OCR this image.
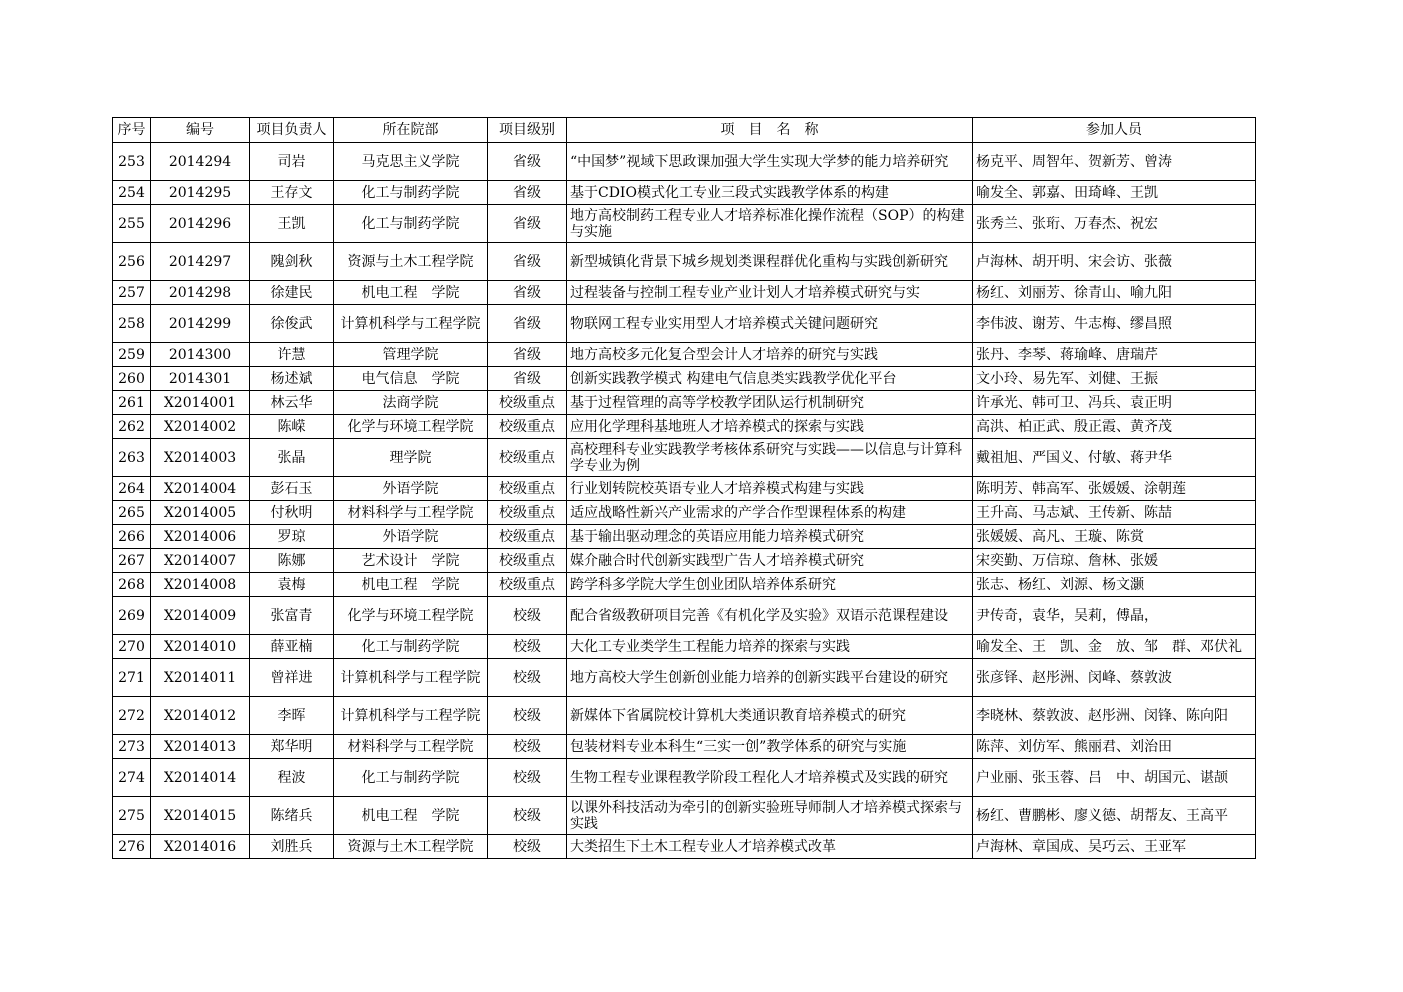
序号	编号	项目负责人	所在院部	项目级别	项　目　名　称	参加人员
253	2014294	司岩	马克思主义学院	省级	“中国梦”视域下思政课加强大学生实现大学梦的能力培养研究	杨克平、周智年、贺新芳、曾涛
254	2014295	王存文	化工与制药学院	省级	基于CDIO模式化工专业三段式实践教学体系的构建	喻发全、郭嘉、田琦峰、王凯
255	2014296	王凯	化工与制药学院	省级	地方高校制药工程专业人才培养标准化操作流程（SOP）的构建与实施	张秀兰、张珩、万春杰、祝宏
256	2014297	隗剑秋	资源与土木工程学院	省级	新型城镇化背景下城乡规划类课程群优化重构与实践创新研究	卢海林、胡开明、宋会访、张薇
257	2014298	徐建民	机电工程　学院	省级	过程装备与控制工程专业产业计划人才培养模式研究与实	杨红、刘丽芳、徐青山、喻九阳
258	2014299	徐俊武	计算机科学与工程学院	省级	物联网工程专业实用型人才培养模式关键问题研究	李伟波、谢芳、牛志梅、缪昌照
259	2014300	许慧	管理学院	省级	地方高校多元化复合型会计人才培养的研究与实践	张丹、李琴、蒋瑜峰、唐瑞芹
260	2014301	杨述斌	电气信息　学院	省级	创新实践教学模式 构建电气信息类实践教学优化平台	文小玲、易先军、刘健、王振
261	X2014001	林云华	法商学院	校级重点	基于过程管理的高等学校教学团队运行机制研究	许承光、韩可卫、冯兵、袁正明
262	X2014002	陈嵘	化学与环境工程学院	校级重点	应用化学理科基地班人才培养模式的探索与实践	高洪、柏正武、殷正霞、黄齐茂
263	X2014003	张晶	理学院	校级重点	高校理科专业实践教学考核体系研究与实践——以信息与计算科学专业为例	戴祖旭、严国义、付敏、蒋尹华
264	X2014004	彭石玉	外语学院	校级重点	行业划转院校英语专业人才培养模式构建与实践	陈明芳、韩高军、张媛媛、涂朝莲
265	X2014005	付秋明	材料科学与工程学院	校级重点	适应战略性新兴产业需求的产学合作型课程体系的构建	王升高、马志斌、王传新、陈喆
266	X2014006	罗琼	外语学院	校级重点	基于输出驱动理念的英语应用能力培养模式研究	张媛媛、高凡、王璇、陈赏
267	X2014007	陈娜	艺术设计　学院	校级重点	媒介融合时代创新实践型广告人才培养模式研究	宋奕勤、万信琼、詹林、张媛
268	X2014008	袁梅	机电工程　学院	校级重点	跨学科多学院大学生创业团队培养体系研究	张志、杨红、刘源、杨文灏
269	X2014009	张富青	化学与环境工程学院	校级	配合省级教研项目完善《有机化学及实验》双语示范课程建设	尹传奇，袁华，吴莉，傅晶，
270	X2014010	薛亚楠	化工与制药学院	校级	大化工专业类学生工程能力培养的探索与实践	喻发全、王　凯、金　放、邹　群、邓伏礼
271	X2014011	曾祥进	计算机科学与工程学院	校级	地方高校大学生创新创业能力培养的创新实践平台建设的研究	张彦铎、赵彤洲、闵峰、蔡敦波
272	X2014012	李晖	计算机科学与工程学院	校级	新媒体下省属院校计算机大类通识教育培养模式的研究	李晓林、蔡敦波、赵彤洲、闵锋、陈向阳
273	X2014013	郑华明	材料科学与工程学院	校级	包装材料专业本科生“三实一创”教学体系的研究与实施	陈萍、刘仿军、熊丽君、刘治田
274	X2014014	程波	化工与制药学院	校级	生物工程专业课程教学阶段工程化人才培养模式及实践的研究	户业丽、张玉蓉、吕　中、胡国元、谌颉
275	X2014015	陈绪兵	机电工程　学院	校级	以课外科技活动为牵引的创新实验班导师制人才培养模式探索与实践	杨红、曹鹏彬、廖义德、胡帮友、王高平
276	X2014016	刘胜兵	资源与土木工程学院	校级	大类招生下土木工程专业人才培养模式改革	卢海林、章国成、吴巧云、王亚军
